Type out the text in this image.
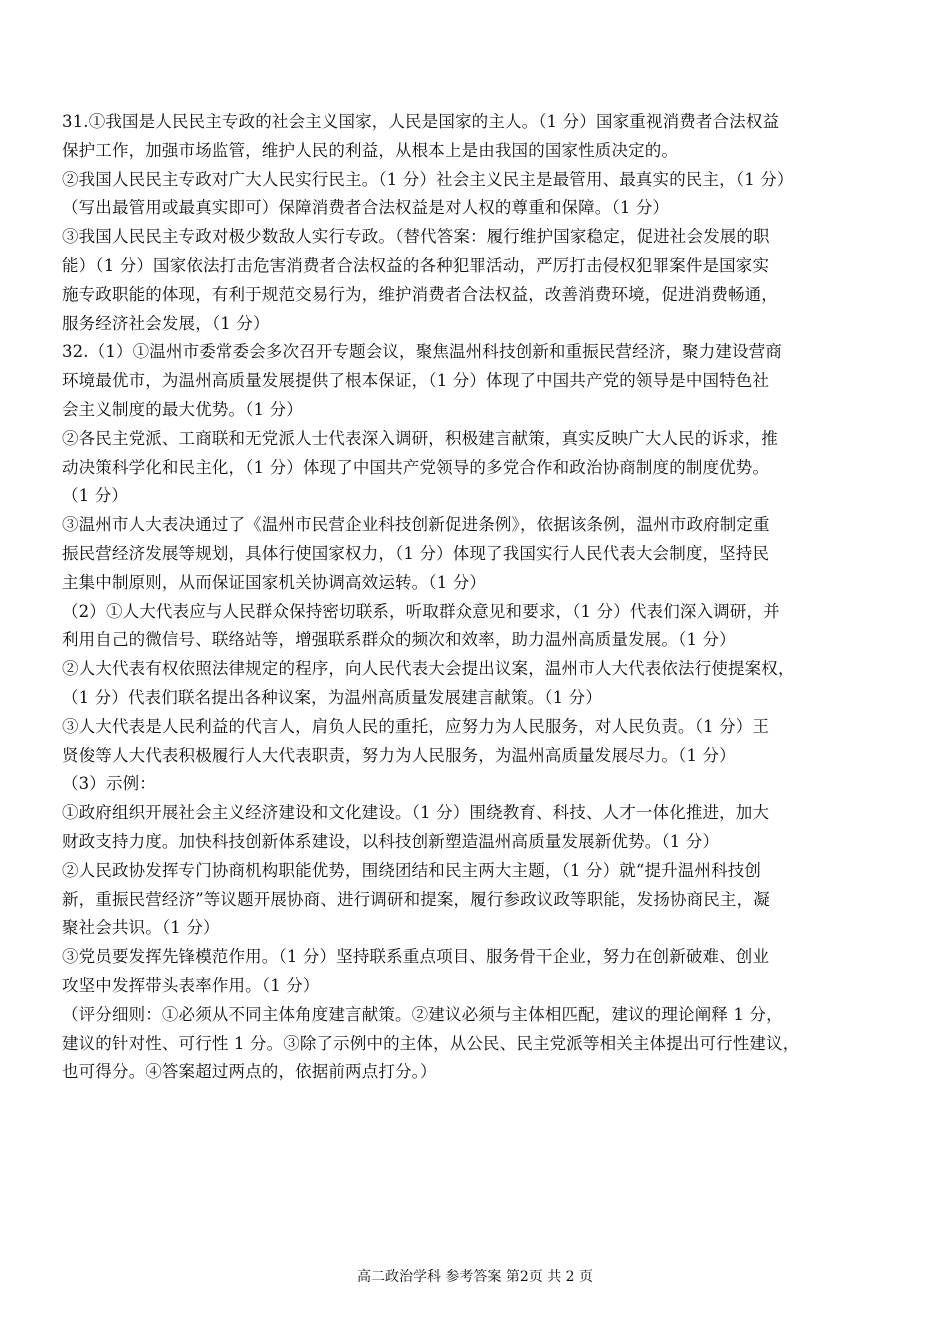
31.①我国是人民民主专政的社会主义国家，人民是国家的主人。（1 分）国家重视消费者合法权益
保护工作，加强市场监管，维护人民的利益，从根本上是由我国的国家性质决定的。
②我国人民民主专政对广大人民实行民主。（1 分）社会主义民主是最管用、最真实的民主，（1 分）
（写出最管用或最真实即可）保障消费者合法权益是对人权的尊重和保障。（1 分）
③我国人民民主专政对极少数敌人实行专政。（替代答案：履行维护国家稳定，促进社会发展的职
能）（1 分）国家依法打击危害消费者合法权益的各种犯罪活动，严厉打击侵权犯罪案件是国家实
施专政职能的体现，有利于规范交易行为，维护消费者合法权益，改善消费环境，促进消费畅通，
服务经济社会发展，（1 分）
32.（1）①温州市委常委会多次召开专题会议，聚焦温州科技创新和重振民营经济，聚力建设营商
环境最优市，为温州高质量发展提供了根本保证，（1 分）体现了中国共产党的领导是中国特色社
会主义制度的最大优势。（1 分）
②各民主党派、工商联和无党派人士代表深入调研，积极建言献策，真实反映广大人民的诉求，推
动决策科学化和民主化，（1 分）体现了中国共产党领导的多党合作和政治协商制度的制度优势。
（1 分）
③温州市人大表决通过了《温州市民营企业科技创新促进条例》，依据该条例，温州市政府制定重
振民营经济发展等规划，具体行使国家权力，（1 分）体现了我国实行人民代表大会制度，坚持民
主集中制原则，从而保证国家机关协调高效运转。（1 分）
（2）①人大代表应与人民群众保持密切联系，听取群众意见和要求，（1 分）代表们深入调研，并
利用自己的微信号、联络站等，增强联系群众的频次和效率，助力温州高质量发展。（1 分）
②人大代表有权依照法律规定的程序，向人民代表大会提出议案，温州市人大代表依法行使提案权，
（1 分）代表们联名提出各种议案，为温州高质量发展建言献策。（1 分）
③人大代表是人民利益的代言人，肩负人民的重托，应努力为人民服务，对人民负责。（1 分）王
贤俊等人大代表积极履行人大代表职责，努力为人民服务，为温州高质量发展尽力。（1 分）
（3）示例：
①政府组织开展社会主义经济建设和文化建设。（1 分）围绕教育、科技、人才一体化推进，加大
财政支持力度。加快科技创新体系建设，以科技创新塑造温州高质量发展新优势。（1 分）
②人民政协发挥专门协商机构职能优势，围绕团结和民主两大主题，（1 分）就“提升温州科技创
新，重振民营经济”等议题开展协商、进行调研和提案，履行参政议政等职能，发扬协商民主，凝
聚社会共识。（1 分）
③党员要发挥先锋模范作用。（1 分）坚持联系重点项目、服务骨干企业，努力在创新破难、创业
攻坚中发挥带头表率作用。（1 分）
（评分细则：①必须从不同主体角度建言献策。②建议必须与主体相匹配，建议的理论阐释 1 分，
建议的针对性、可行性 1 分。③除了示例中的主体，从公民、民主党派等相关主体提出可行性建议，
也可得分。④答案超过两点的，依据前两点打分。）
高二政治学科 参考答案 第2页 共 2 页
